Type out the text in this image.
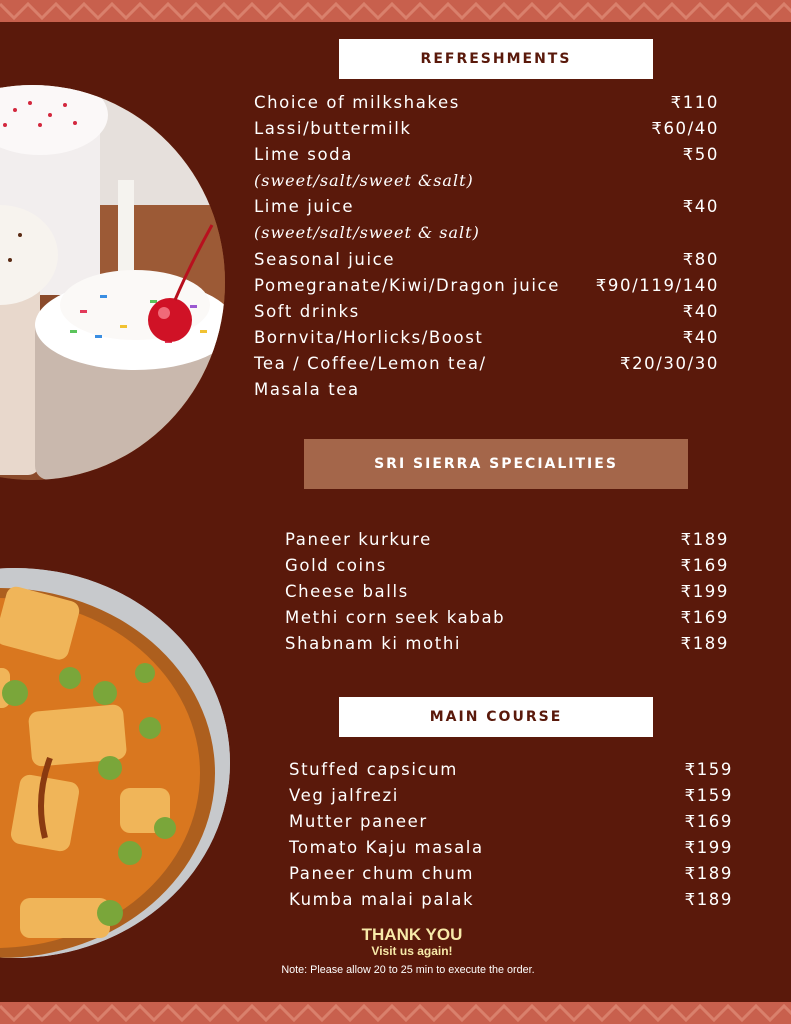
REFRESHMENTS
Choice of milkshakes	₹110
Lassi/buttermilk	₹60/40
Lime soda	₹50
(sweet/salt/sweet &salt)
Lime juice	₹40
(sweet/salt/sweet & salt)
Seasonal juice	₹80
Pomegranate/Kiwi/Dragon juice ₹90/119/140
Soft drinks	₹40
Bornvita/Horlicks/Boost	₹40
Tea / Coffee/Lemon tea/	₹20/30/30
Masala tea
SRI SIERRA SPECIALITIES
Paneer kurkure	₹189
Gold coins	₹169
Cheese balls	₹199
Methi corn seek kabab	₹169
Shabnam ki mothi	₹189
MAIN COURSE
Stuffed capsicum	₹159
Veg jalfrezi	₹159
Mutter paneer	₹169
Tomato Kaju masala	₹199
Paneer chum chum	₹189
Kumba malai palak	₹189
THANK YOU
Visit us again!
Note: Please allow 20 to 25 min to execute the order.
